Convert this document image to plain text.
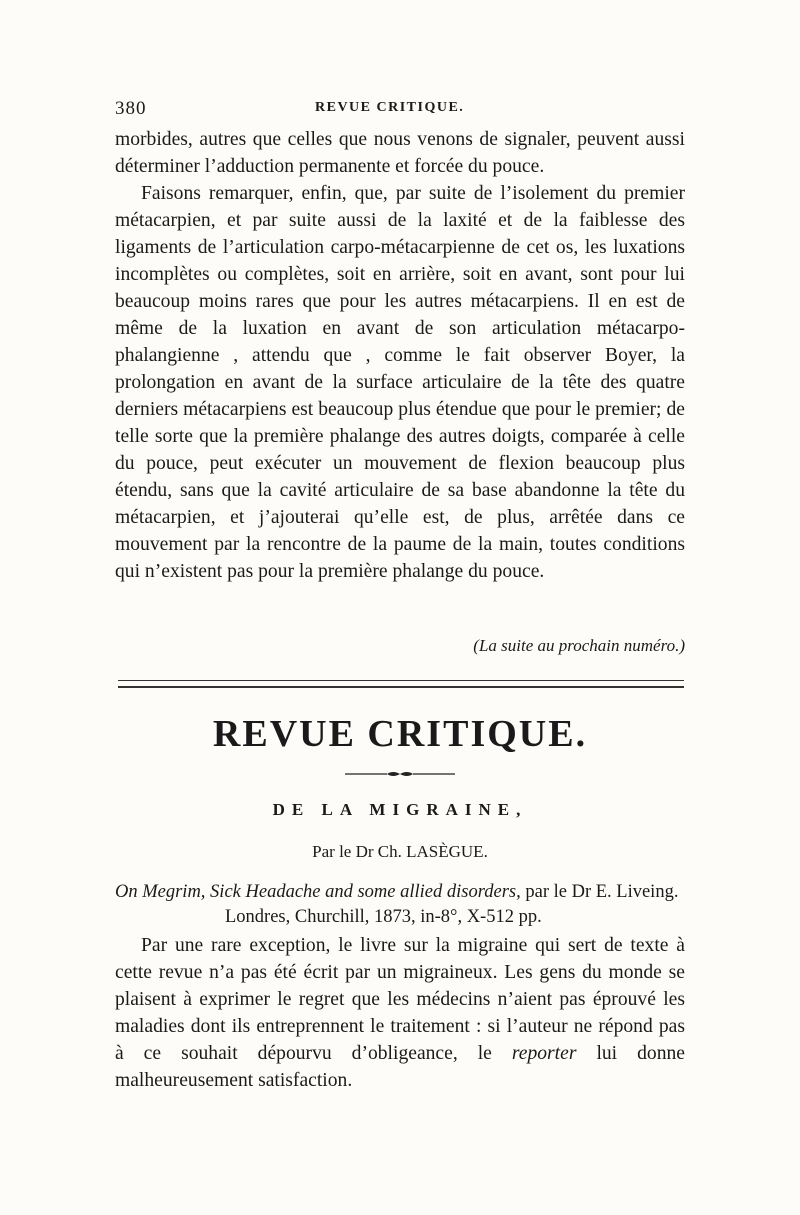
380	REVUE CRITIQUE.

morbides, autres que celles que nous venons de signaler, peuvent aussi déterminer l’adduction permanente et forcée du pouce.

Faisons remarquer, enfin, que, par suite de l’isolement du premier métacarpien, et par suite aussi de la laxité et de la faiblesse des ligaments de l’articulation carpo-métacarpienne de cet os, les luxations incomplètes ou complètes, soit en arrière, soit en avant, sont pour lui beaucoup moins rares que pour les autres métacarpiens. Il en est de même de la luxation en avant de son articulation métacarpo-phalangienne , attendu que , comme le fait observer Boyer, la prolongation en avant de la surface articulaire de la tête des quatre derniers métacarpiens est beaucoup plus étendue que pour le premier; de telle sorte que la première phalange des autres doigts, comparée à celle du pouce, peut exécuter un mouvement de flexion beaucoup plus étendu, sans que la cavité articulaire de sa base abandonne la tête du métacarpien, et j’ajouterai qu’elle est, de plus, arrêtée dans ce mouvement par la rencontre de la paume de la main, toutes conditions qui n’existent pas pour la première phalange du pouce.

(La suite au prochain numéro.)
REVUE CRITIQUE.
DE LA MIGRAINE,
Par le Dr Ch. LASÈGUE.
On Megrim, Sick Headache and some allied disorders, par le Dr E. Liveing.
Londres, Churchill, 1873, in-8°, X-512 pp.

Par une rare exception, le livre sur la migraine qui sert de texte à cette revue n’a pas été écrit par un migraineux. Les gens du monde se plaisent à exprimer le regret que les médecins n’aient pas éprouvé les maladies dont ils entreprennent le traitement : si l’auteur ne répond pas à ce souhait dépourvu d’obligeance, le reporter lui donne malheureusement satisfaction.
